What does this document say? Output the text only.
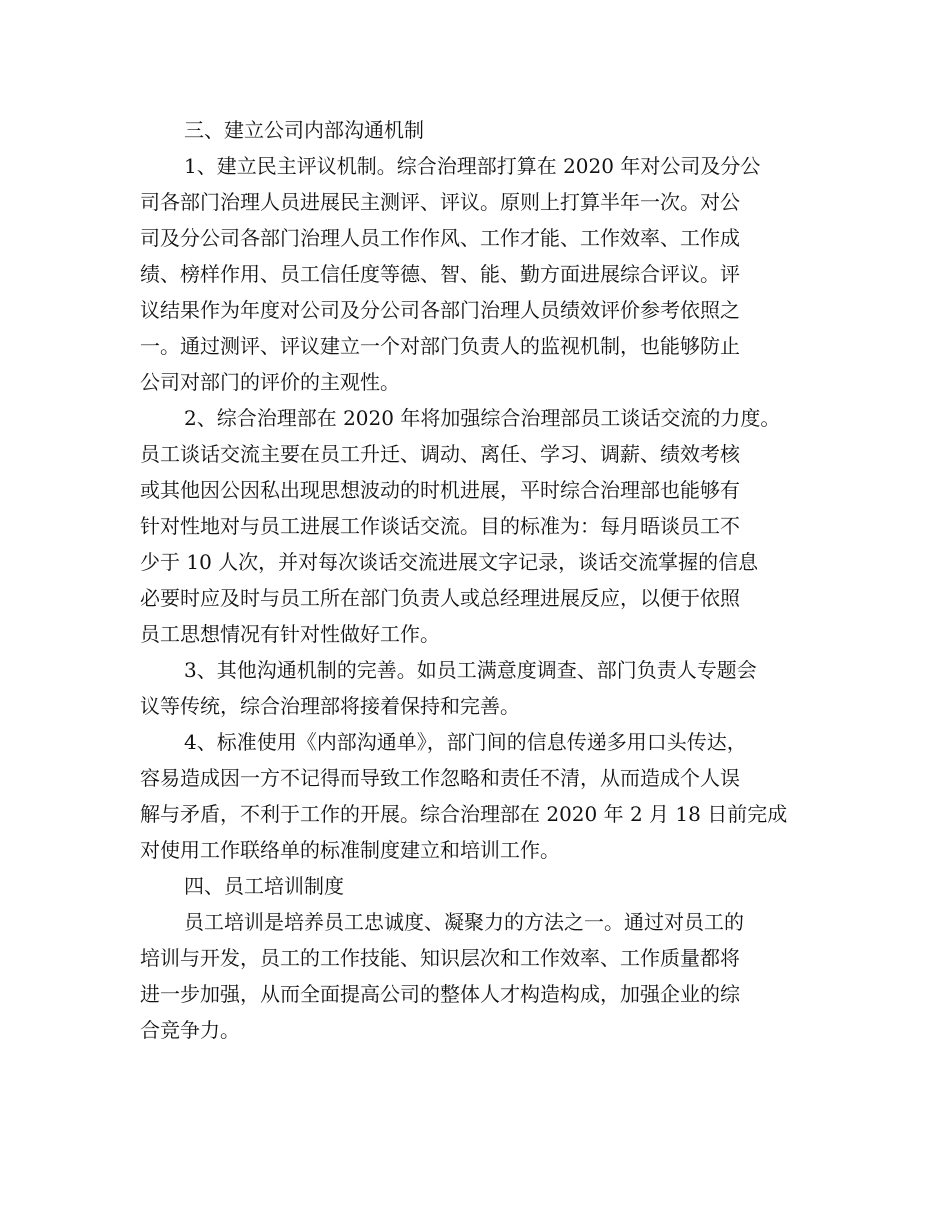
三、建立公司内部沟通机制
1、建立民主评议机制。综合治理部打算在 2020 年对公司及分公
司各部门治理人员进展民主测评、评议。原则上打算半年一次。对公
司及分公司各部门治理人员工作作风、工作才能、工作效率、工作成
绩、榜样作用、员工信任度等德、智、能、勤方面进展综合评议。评
议结果作为年度对公司及分公司各部门治理人员绩效评价参考依照之
一。通过测评、评议建立一个对部门负责人的监视机制，也能够防止
公司对部门的评价的主观性。
2、综合治理部在 2020 年将加强综合治理部员工谈话交流的力度。
员工谈话交流主要在员工升迁、调动、离任、学习、调薪、绩效考核
或其他因公因私出现思想波动的时机进展，平时综合治理部也能够有
针对性地对与员工进展工作谈话交流。目的标准为：每月晤谈员工不
少于 10 人次，并对每次谈话交流进展文字记录，谈话交流掌握的信息
必要时应及时与员工所在部门负责人或总经理进展反应，以便于依照
员工思想情况有针对性做好工作。
3、其他沟通机制的完善。如员工满意度调查、部门负责人专题会
议等传统，综合治理部将接着保持和完善。
4、标准使用《内部沟通单》，部门间的信息传递多用口头传达，
容易造成因一方不记得而导致工作忽略和责任不清，从而造成个人误
解与矛盾，不利于工作的开展。综合治理部在 2020 年 2 月 18 日前完成
对使用工作联络单的标准制度建立和培训工作。
四、员工培训制度
员工培训是培养员工忠诚度、凝聚力的方法之一。通过对员工的
培训与开发，员工的工作技能、知识层次和工作效率、工作质量都将
进一步加强，从而全面提高公司的整体人才构造构成，加强企业的综
合竞争力。
